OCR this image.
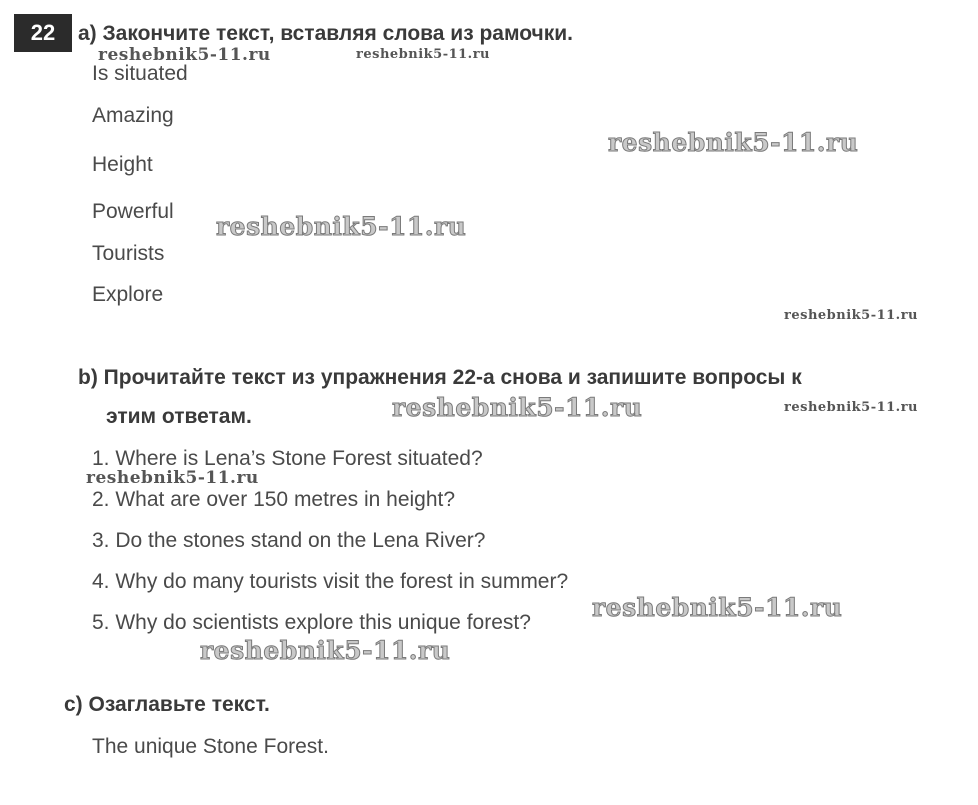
22	a) Закончите текст, вставляя слова из рамочки.
Is situated
Amazing
Height
Powerful
Tourists
Explore
b) Прочитайте текст из упражнения 22-а снова и запишите вопросы к
этим ответам.
1. Where is Lena’s Stone Forest situated?
2. What are over 150 metres in height?
3. Do the stones stand on the Lena River?
4. Why do many tourists visit the forest in summer?
5. Why do scientists explore this unique forest?
c) Озаглавьте текст.
The unique Stone Forest.
reshebnik5-11.ru	reshebnik5-11.ru
reshebnik5-11.ru
reshebnik5-11.ru
reshebnik5-11.ru
reshebnik5-11.ru	reshebnik5-11.ru
reshebnik5-11.ru
reshebnik5-11.ru
reshebnik5-11.ru
